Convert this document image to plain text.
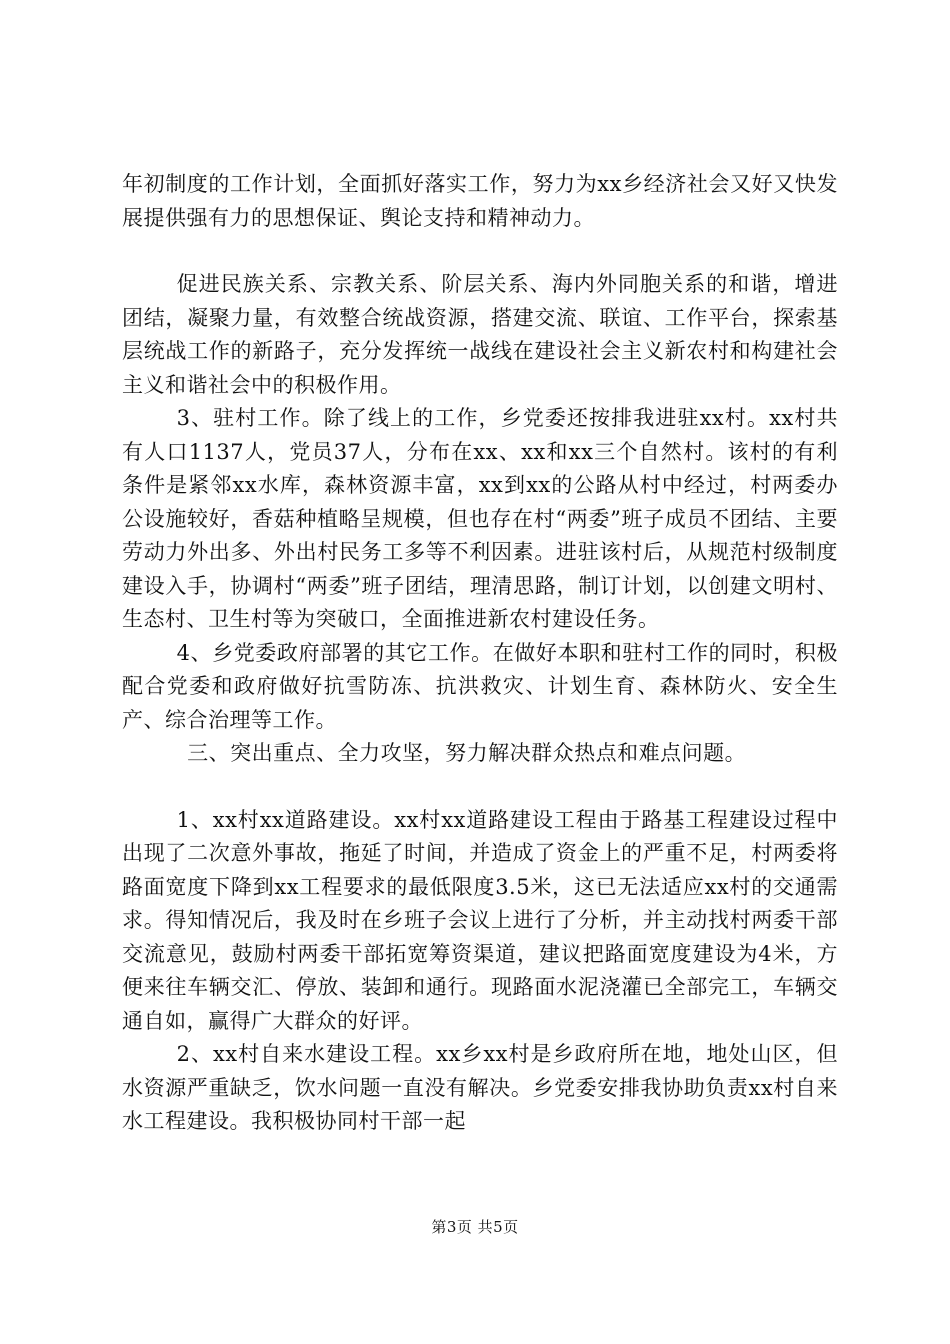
年初制度的工作计划，全面抓好落实工作，努力为xx乡经济社会又好又快发展提供强有力的思想保证、舆论支持和精神动力。

促进民族关系、宗教关系、阶层关系、海内外同胞关系的和谐，增进团结，凝聚力量，有效整合统战资源，搭建交流、联谊、工作平台，探索基层统战工作的新路子，充分发挥统一战线在建设社会主义新农村和构建社会主义和谐社会中的积极作用。

3、驻村工作。除了线上的工作，乡党委还按排我进驻xx村。xx村共有人口1137人，党员37人，分布在xx、xx和xx三个自然村。该村的有利条件是紧邻xx水库，森林资源丰富，xx到xx的公路从村中经过，村两委办公设施较好，香菇种植略呈规模，但也存在村“两委”班子成员不团结、主要劳动力外出多、外出村民务工多等不利因素。进驻该村后，从规范村级制度建设入手，协调村“两委”班子团结，理清思路，制订计划，以创建文明村、生态村、卫生村等为突破口，全面推进新农村建设任务。

4、乡党委政府部署的其它工作。在做好本职和驻村工作的同时，积极配合党委和政府做好抗雪防冻、抗洪救灾、计划生育、森林防火、安全生产、综合治理等工作。

三、突出重点、全力攻坚，努力解决群众热点和难点问题。

1、xx村xx道路建设。xx村xx道路建设工程由于路基工程建设过程中出现了二次意外事故，拖延了时间，并造成了资金上的严重不足，村两委将路面宽度下降到xx工程要求的最低限度3.5米，这已无法适应xx村的交通需求。得知情况后，我及时在乡班子会议上进行了分析，并主动找村两委干部交流意见，鼓励村两委干部拓宽筹资渠道，建议把路面宽度建设为4米，方便来往车辆交汇、停放、装卸和通行。现路面水泥浇灌已全部完工，车辆交通自如，赢得广大群众的好评。

2、xx村自来水建设工程。xx乡xx村是乡政府所在地，地处山区，但水资源严重缺乏，饮水问题一直没有解决。乡党委安排我协助负责xx村自来水工程建设。我积极协同村干部一起

第3页 共5页
